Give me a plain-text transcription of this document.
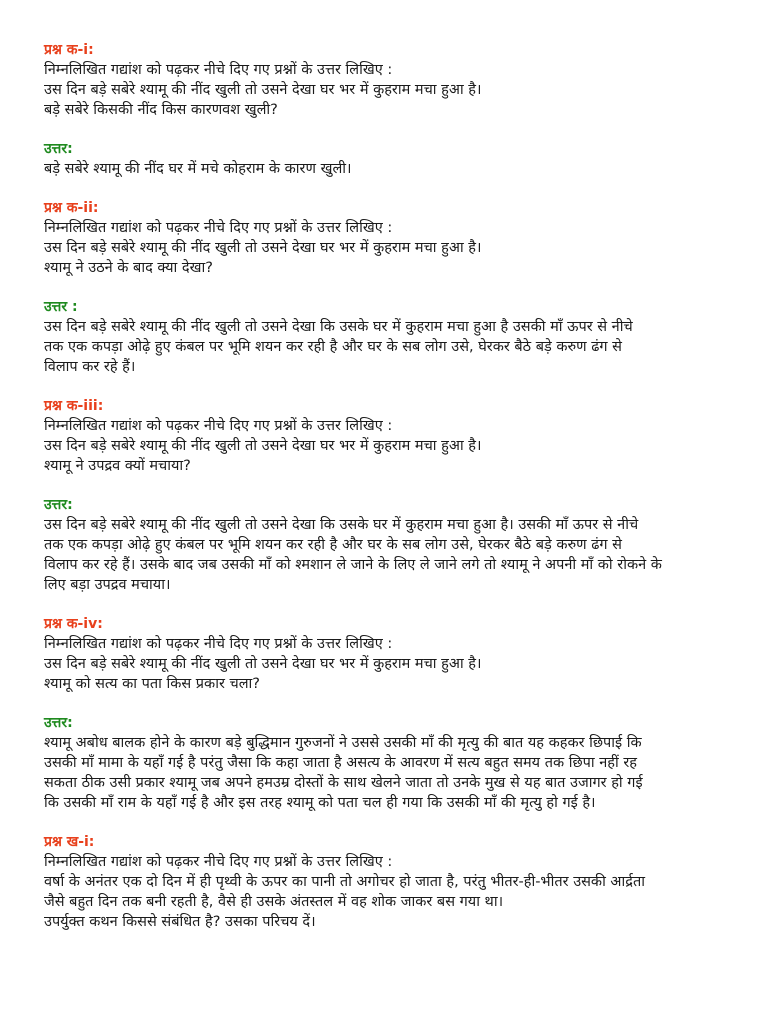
प्रश्न क-i:
निम्नलिखित गद्यांश को पढ़कर नीचे दिए गए प्रश्नों के उत्तर लिखिए :
उस दिन बड़े सबेरे श्यामू की नींद खुली तो उसने देखा घर भर में कुहराम मचा हुआ है।
बड़े सबेरे किसकी नींद किस कारणवश खुली?
उत्तर:
बड़े सबेरे श्यामू की नींद घर में मचे कोहराम के कारण खुली।
प्रश्न क-ii:
निम्नलिखित गद्यांश को पढ़कर नीचे दिए गए प्रश्नों के उत्तर लिखिए :
उस दिन बड़े सबेरे श्यामू की नींद खुली तो उसने देखा घर भर में कुहराम मचा हुआ है।
श्यामू ने उठने के बाद क्या देखा?
उत्तर :
उस दिन बड़े सबेरे श्यामू की नींद खुली तो उसने देखा कि उसके घर में कुहराम मचा हुआ है उसकी माँ ऊपर से नीचे
तक एक कपड़ा ओढ़े हुए कंबल पर भूमि शयन कर रही है और घर के सब लोग उसे, घेरकर बैठे बड़े करुण ढंग से
विलाप कर रहे हैं।
प्रश्न क-iii:
निम्नलिखित गद्यांश को पढ़कर नीचे दिए गए प्रश्नों के उत्तर लिखिए :
उस दिन बड़े सबेरे श्यामू की नींद खुली तो उसने देखा घर भर में कुहराम मचा हुआ है।
श्यामू ने उपद्रव क्यों मचाया?
उत्तर:
उस दिन बड़े सबेरे श्यामू की नींद खुली तो उसने देखा कि उसके घर में कुहराम मचा हुआ है। उसकी माँ ऊपर से नीचे
तक एक कपड़ा ओढ़े हुए कंबल पर भूमि शयन कर रही है और घर के सब लोग उसे, घेरकर बैठे बड़े करुण ढंग से
विलाप कर रहे हैं। उसके बाद जब उसकी माँ को श्मशान ले जाने के लिए ले जाने लगे तो श्यामू ने अपनी माँ को रोकने के
लिए बड़ा उपद्रव मचाया।
प्रश्न क-iv:
निम्नलिखित गद्यांश को पढ़कर नीचे दिए गए प्रश्नों के उत्तर लिखिए :
उस दिन बड़े सबेरे श्यामू की नींद खुली तो उसने देखा घर भर में कुहराम मचा हुआ है।
श्यामू को सत्य का पता किस प्रकार चला?
उत्तर:
श्यामू अबोध बालक होने के कारण बड़े बुद्धिमान गुरुजनों ने उससे उसकी माँ की मृत्यु की बात यह कहकर छिपाई कि
उसकी माँ मामा के यहाँ गई है परंतु जैसा कि कहा जाता है असत्य के आवरण में सत्य बहुत समय तक छिपा नहीं रह
सकता ठीक उसी प्रकार श्यामू जब अपने हमउम्र दोस्तों के साथ खेलने जाता तो उनके मुख से यह बात उजागर हो गई
कि उसकी माँ राम के यहाँ गई है और इस तरह श्यामू को पता चल ही गया कि उसकी माँ की मृत्यु हो गई है।
प्रश्न ख-i:
निम्नलिखित गद्यांश को पढ़कर नीचे दिए गए प्रश्नों के उत्तर लिखिए :
वर्षा के अनंतर एक दो दिन में ही पृथ्वी के ऊपर का पानी तो अगोचर हो जाता है, परंतु भीतर-ही-भीतर उसकी आर्द्रता
जैसे बहुत दिन तक बनी रहती है, वैसे ही उसके अंतस्तल में वह शोक जाकर बस गया था।
उपर्युक्त कथन किससे संबंधित है? उसका परिचय दें।
